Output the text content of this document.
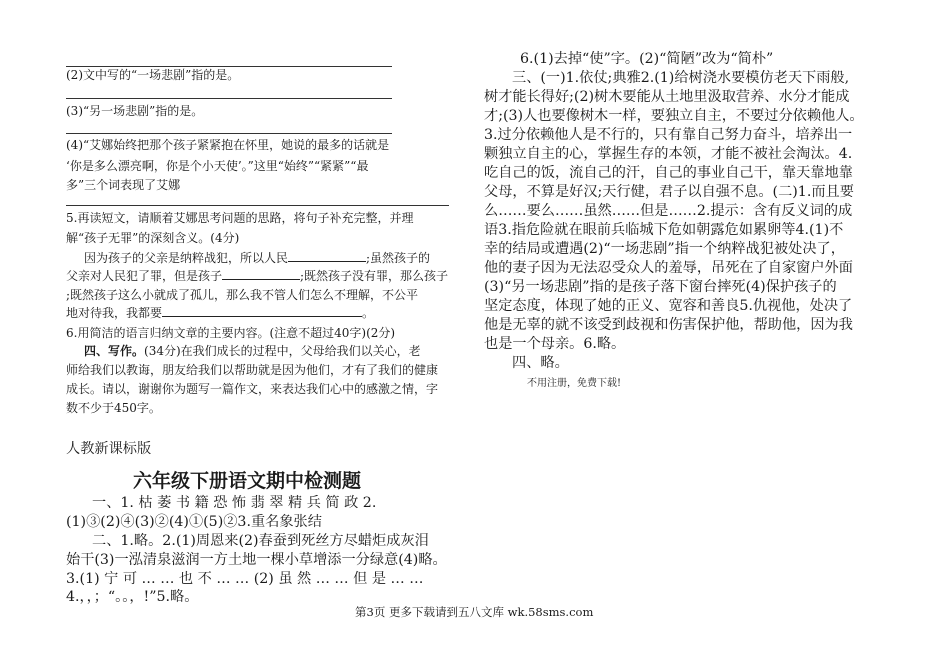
(2)文中写的“一场悲剧”指的是。
(3)“另一场悲剧”指的是。
(4)“艾娜始终把那个孩子紧紧抱在怀里，她说的最多的话就是
‘你是多么漂亮啊，你是个小天使’。”这里“始终”“紧紧”“最
多”三个词表现了艾娜
5.再读短文，请顺着艾娜思考问题的思路，将句子补充完整，并理
解“孩子无罪”的深刻含义。(4分)
因为孩子的父亲是纳粹战犯，所以人民	;虽然孩子的
父亲对人民犯了罪，但是孩子	;既然孩子没有罪，那么孩子
;既然孩子这么小就成了孤儿，那么我不管人们怎么不理解，不公平
地对待我，我都要	。
6.用简洁的语言归纳文章的主要内容。(注意不超过40字)(2分)
四、写作。(34分)在我们成长的过程中，父母给我们以关心，老
师给我们以教诲，朋友给我们以帮助就是因为他们，才有了我们的健康
成长。请以，谢谢你为题写一篇作文，来表达我们心中的感激之情，字
数不少于450字。
人教新课标版
六年级下册语文期中检测题
一、1. 枯 萎 书 籍 恐 怖 翡 翠 精 兵 简 政 2.
(1)③(2)④(3)②(4)①(5)②3.重名象张结
二、1.略。2.(1)周恩来(2)春蚕到死丝方尽蜡炬成灰泪
始干(3)一泓清泉滋润一方土地一棵小草增添一分绿意(4)略。
3.(1) 宁 可 … … 也 不 … … (2) 虽 然 … … 但 是 … …
4.，，；“。。，!”5.略。
6.(1)去掉“使”字。(2)“简陋”改为“简朴”
三、(一)1.依仗;典雅2.(1)给树浇水要模仿老天下雨般,
树才能长得好;(2)树木要能从土地里汲取营养、水分才能成
才;(3)人也要像树木一样，要独立自主，不要过分依赖他人。
3.过分依赖他人是不行的，只有靠自己努力奋斗，培养出一
颗独立自主的心，掌握生存的本领，才能不被社会淘汰。4.
吃自己的饭，流自己的汗，自己的事业自己干，靠天靠地靠
父母，不算是好汉;天行健，君子以自强不息。(二)1.而且要
么……要么……虽然……但是……2.提示：含有反义词的成
语3.指危险就在眼前兵临城下危如朝露危如累卵等4.(1)不
幸的结局或遭遇(2)“一场悲剧”指一个纳粹战犯被处决了，
他的妻子因为无法忍受众人的羞辱，吊死在了自家窗户外面
(3)“另一场悲剧”指的是孩子落下窗台摔死(4)保护孩子的
坚定态度，体现了她的正义、宽容和善良5.仇视他，处决了
他是无辜的就不该受到歧视和伤害保护他，帮助他，因为我
也是一个母亲。6.略。
四、略。
不用注册，免费下载!
第3页 更多下载请到五八文库 wk.58sms.com
